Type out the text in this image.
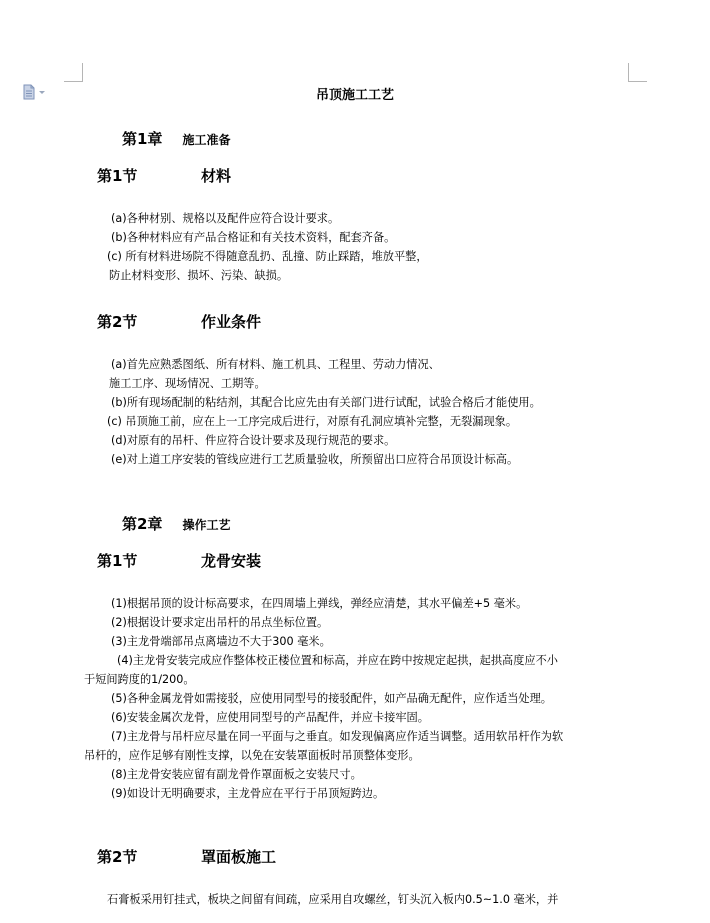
吊顶施工工艺
第1章 施工准备
第1节	材料
(a)各种材别、规格以及配件应符合设计要求。
(b)各种材料应有产品合格证和有关技术资料，配套齐备。
(c) 所有材料进场院不得随意乱扔、乱撞、防止踩踏，堆放平整，
防止材料变形、损坏、污染、缺损。
第2节	作业条件
(a)首先应熟悉图纸、所有材料、施工机具、工程里、劳动力情况、
施工工序、现场情况、工期等。
(b)所有现场配制的粘结剂，其配合比应先由有关部门进行试配，试验合格后才能使用。
(c) 吊顶施工前，应在上一工序完成后进行，对原有孔洞应填补完整，无裂漏现象。
(d)对原有的吊杆、件应符合设计要求及现行规范的要求。
(e)对上道工序安装的管线应进行工艺质量验收，所预留出口应符合吊顶设计标高。
第2章 操作工艺
第1节	龙骨安装
(1)根据吊顶的设计标高要求，在四周墙上弹线，弹经应清楚，其水平偏差+5 毫米。
(2)根据设计要求定出吊杆的吊点坐标位置。
(3)主龙骨端部吊点离墙边不大于300 毫米。
(4)主龙骨安装完成应作整体校正楼位置和标高，并应在跨中按规定起拱，起拱高度应不小
于短间跨度的1/200。
(5)各种金属龙骨如需接驳，应使用同型号的接驳配件，如产品确无配件，应作适当处理。
(6)安装金属次龙骨，应使用同型号的产品配件，并应卡接牢固。
(7)主龙骨与吊杆应尽量在同一平面与之垂直。如发现偏离应作适当调整。适用软吊杆作为软
吊杆的，应作足够有刚性支撑，以免在安装罩面板时吊顶整体变形。
(8)主龙骨安装应留有副龙骨作罩面板之安装尺寸。
(9)如设计无明确要求，主龙骨应在平行于吊顶短跨边。
第2节	罩面板施工
石膏板采用钉挂式，板块之间留有间疏，应采用自攻螺丝，钉头沉入板内0.5~1.0 毫米，并
